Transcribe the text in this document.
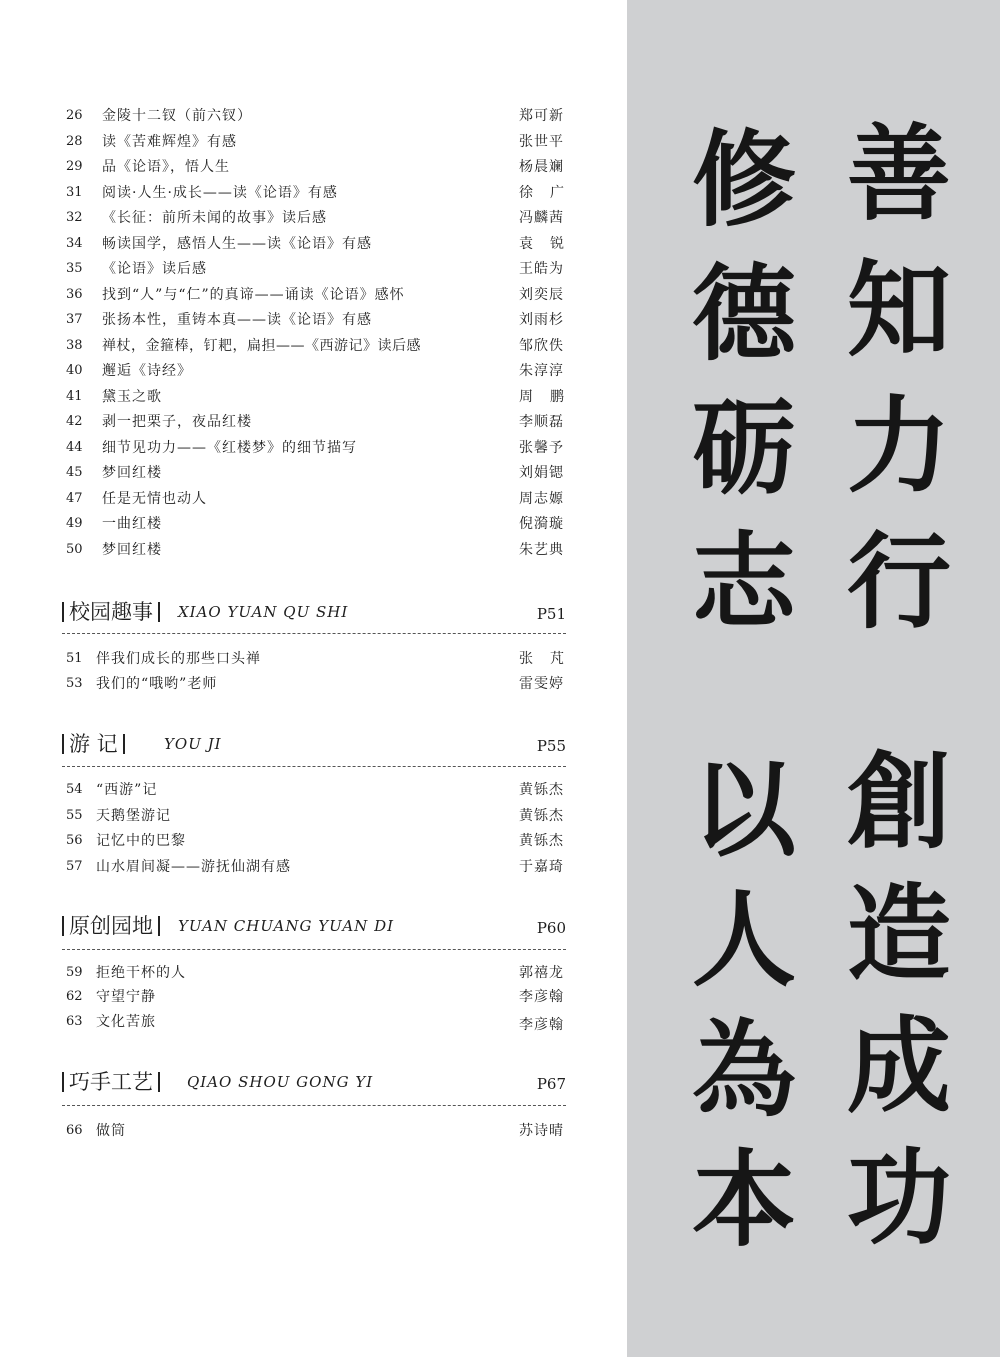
26	金陵十二钗（前六钗）	郑可新
28	读《苦难辉煌》有感	张世平
29	品《论语》，悟人生	杨晨斓
31	阅读·人生·成长——读《论语》有感	徐广
32	《长征：前所未闻的故事》读后感	冯麟茜
34	畅读国学，感悟人生——读《论语》有感	袁锐
35	《论语》读后感	王皓为
36	找到“人”与“仁”的真谛——诵读《论语》感怀	刘奕辰
37	张扬本性，重铸本真——读《论语》有感	刘雨杉
38	禅杖，金箍棒，钉耙，扁担——《西游记》读后感	邹欣佚
40	邂逅《诗经》	朱淳淳
41	黛玉之歌	周鹏
42	剥一把栗子，夜品红楼	李顺磊
44	细节见功力——《红楼梦》的细节描写	张馨予
45	梦回红楼	刘娟锶
47	任是无情也动人	周志嫄
49	一曲红楼	倪漪璇
50	梦回红楼	朱艺典
校园趣事	XIAO YUAN QU SHI	P51
51 伴我们成长的那些口头禅	张芃
53 我们的“哦哟”老师	雷雯婷
游 记	YOU JI	P55
54 “西游”记	黄铄杰
55 天鹅堡游记	黄铄杰
56 记忆中的巴黎	黄铄杰
57 山水眉间凝——游抚仙湖有感	于嘉琦
原创园地	YUAN CHUANG YUAN DI	P60
59 拒绝干杯的人	郭禧龙
62 守望宁静	李彦翰
63 文化苦旅	李彦翰
巧手工艺	QIAO SHOU GONG YI	P67
66 做筒	苏诗晴
善
知
力
行
修
德
砺
志
創
造
成
功
以
人
為
本
